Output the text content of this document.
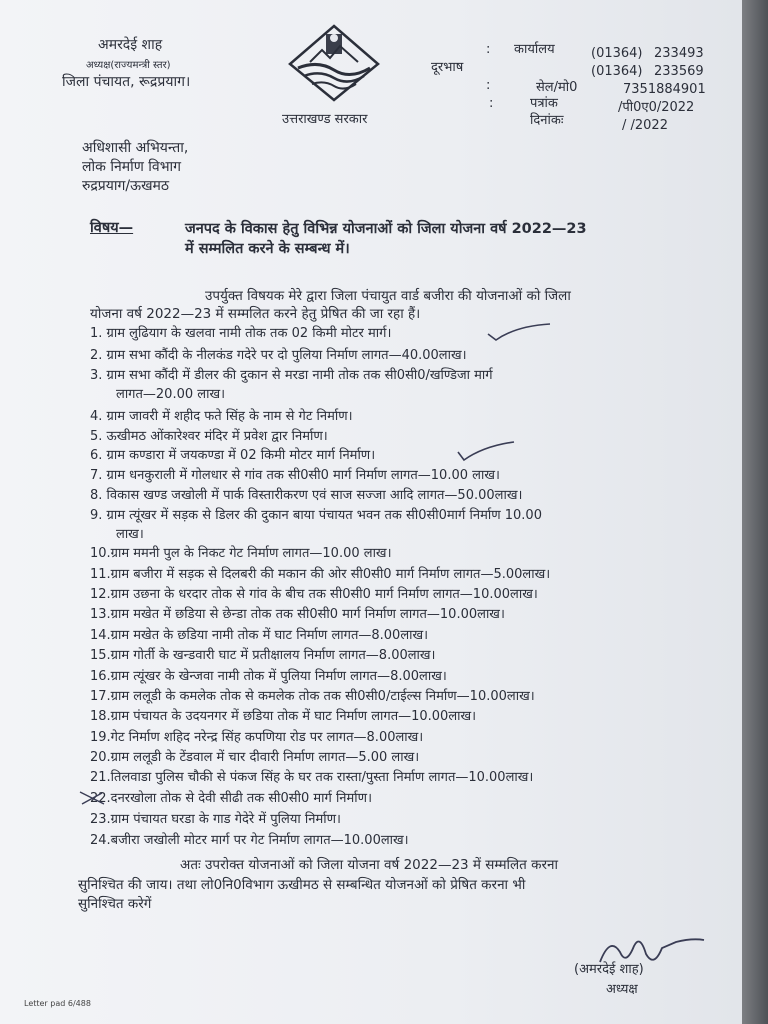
अमरदेई शाह
अध्यक्ष(राज्यमन्त्री स्तर)
जिला पंचायत, रूद्रप्रयाग।
उत्तराखण्ड सरकार
दूरभाष
: कार्यालय	(01364) 233493
(01364) 233569
:	सेल/मो0	7351884901
:	पत्रांक	/पी0ए0/2022
दिनांकः	/ /2022
अधिशासी अभियन्ता,
लोक निर्माण विभाग
रुद्रप्रयाग/ऊखमठ
विषय—	जनपद के विकास हेतु विभिन्न योजनाओं को जिला योजना वर्ष 2022—23
में सम्मलित करने के सम्बन्ध में।
उपर्युक्त विषयक मेरे द्वारा जिला पंचायुत वार्ड बजीरा की योजनाओं को जिला
योजना वर्ष 2022—23 में सम्मलित करने हेतु प्रेषित की जा रहा हैं।
1. ग्राम लुढियाग के खलवा नामी तोक तक 02 किमी मोटर मार्ग।
2. ग्राम सभा कौंदी के नीलकंड गदेरे पर दो पुलिया निर्माण लागत—40.00लाख।
3. ग्राम सभा कौंदी में डीलर की दुकान से मरडा नामी तोक तक सी0सी0/खण्डिजा मार्ग
लागत—20.00 लाख।
4. ग्राम जावरी में शहीद फते सिंह के नाम से गेट निर्माण।
5. ऊखीमठ ओंकारेश्वर मंदिर में प्रवेश द्वार निर्माण।
6. ग्राम कण्डारा में जयकण्डा में 02 किमी मोटर मार्ग निर्माण।
7. ग्राम धनकुराली में गोलधार से गांव तक सी0सी0 मार्ग निर्माण लागत—10.00 लाख।
8. विकास खण्ड जखोली में पार्क विस्तारीकरण एवं साज सज्जा आदि लागत—50.00लाख।
9. ग्राम त्यूंखर में सड़क से डिलर की दुकान बाया पंचायत भवन तक सी0सी0मार्ग निर्माण 10.00
लाख।
10.ग्राम ममनी पुल के निकट गेट निर्माण लागत—10.00 लाख।
11.ग्राम बजीरा में सड़क से दिलबरी की मकान की ओर सी0सी0 मार्ग निर्माण लागत—5.00लाख।
12.ग्राम उछना के धरदार तोक से गांव के बीच तक सी0सी0 मार्ग निर्माण लागत—10.00लाख।
13.ग्राम मखेत में छडिया से छेन्डा तोक तक सी0सी0 मार्ग निर्माण लागत—10.00लाख।
14.ग्राम मखेत के छडिया नामी तोक में घाट निर्माण लागत—8.00लाख।
15.ग्राम गोर्ती के खन्डवारी घाट में प्रतीक्षालय निर्माण लागत—8.00लाख।
16.ग्राम त्यूंखर के खेन्जवा नामी तोक में पुलिया निर्माण लागत—8.00लाख।
17.ग्राम ललूडी के कमलेक तोक से कमलेक तोक तक सी0सी0/टाईल्स निर्माण—10.00लाख।
18.ग्राम पंचायत के उदयनगर में छडिया तोक में घाट निर्माण लागत—10.00लाख।
19.गेट निर्माण शहिद नरेन्द्र सिंह कपणिया रोड पर लागत—8.00लाख।
20.ग्राम ललूडी के टेंडवाल में चार दीवारी निर्माण लागत—5.00 लाख।
21.तिलवाडा पुलिस चौकी से पंकज सिंह के घर तक रास्ता/पुस्ता निर्माण लागत—10.00लाख।
22.दनरखोला तोक से देवी सीढी तक सी0सी0 मार्ग निर्माण।
23.ग्राम पंचायत घरडा के गाड गेदेरे में पुलिया निर्माण।
24.बजीरा जखोली मोटर मार्ग पर गेट निर्माण लागत—10.00लाख।
अतः उपरोक्त योजनाओं को जिला योजना वर्ष 2022—23 में सम्मलित करना
सुनिश्चित की जाय। तथा लो0नि0विभाग ऊखीमठ से सम्बन्धित योजनओं को प्रेषित करना भी
सुनिश्चित करेगें
(अमरदेई शाह)
अध्यक्ष
Letter pad 6/488
